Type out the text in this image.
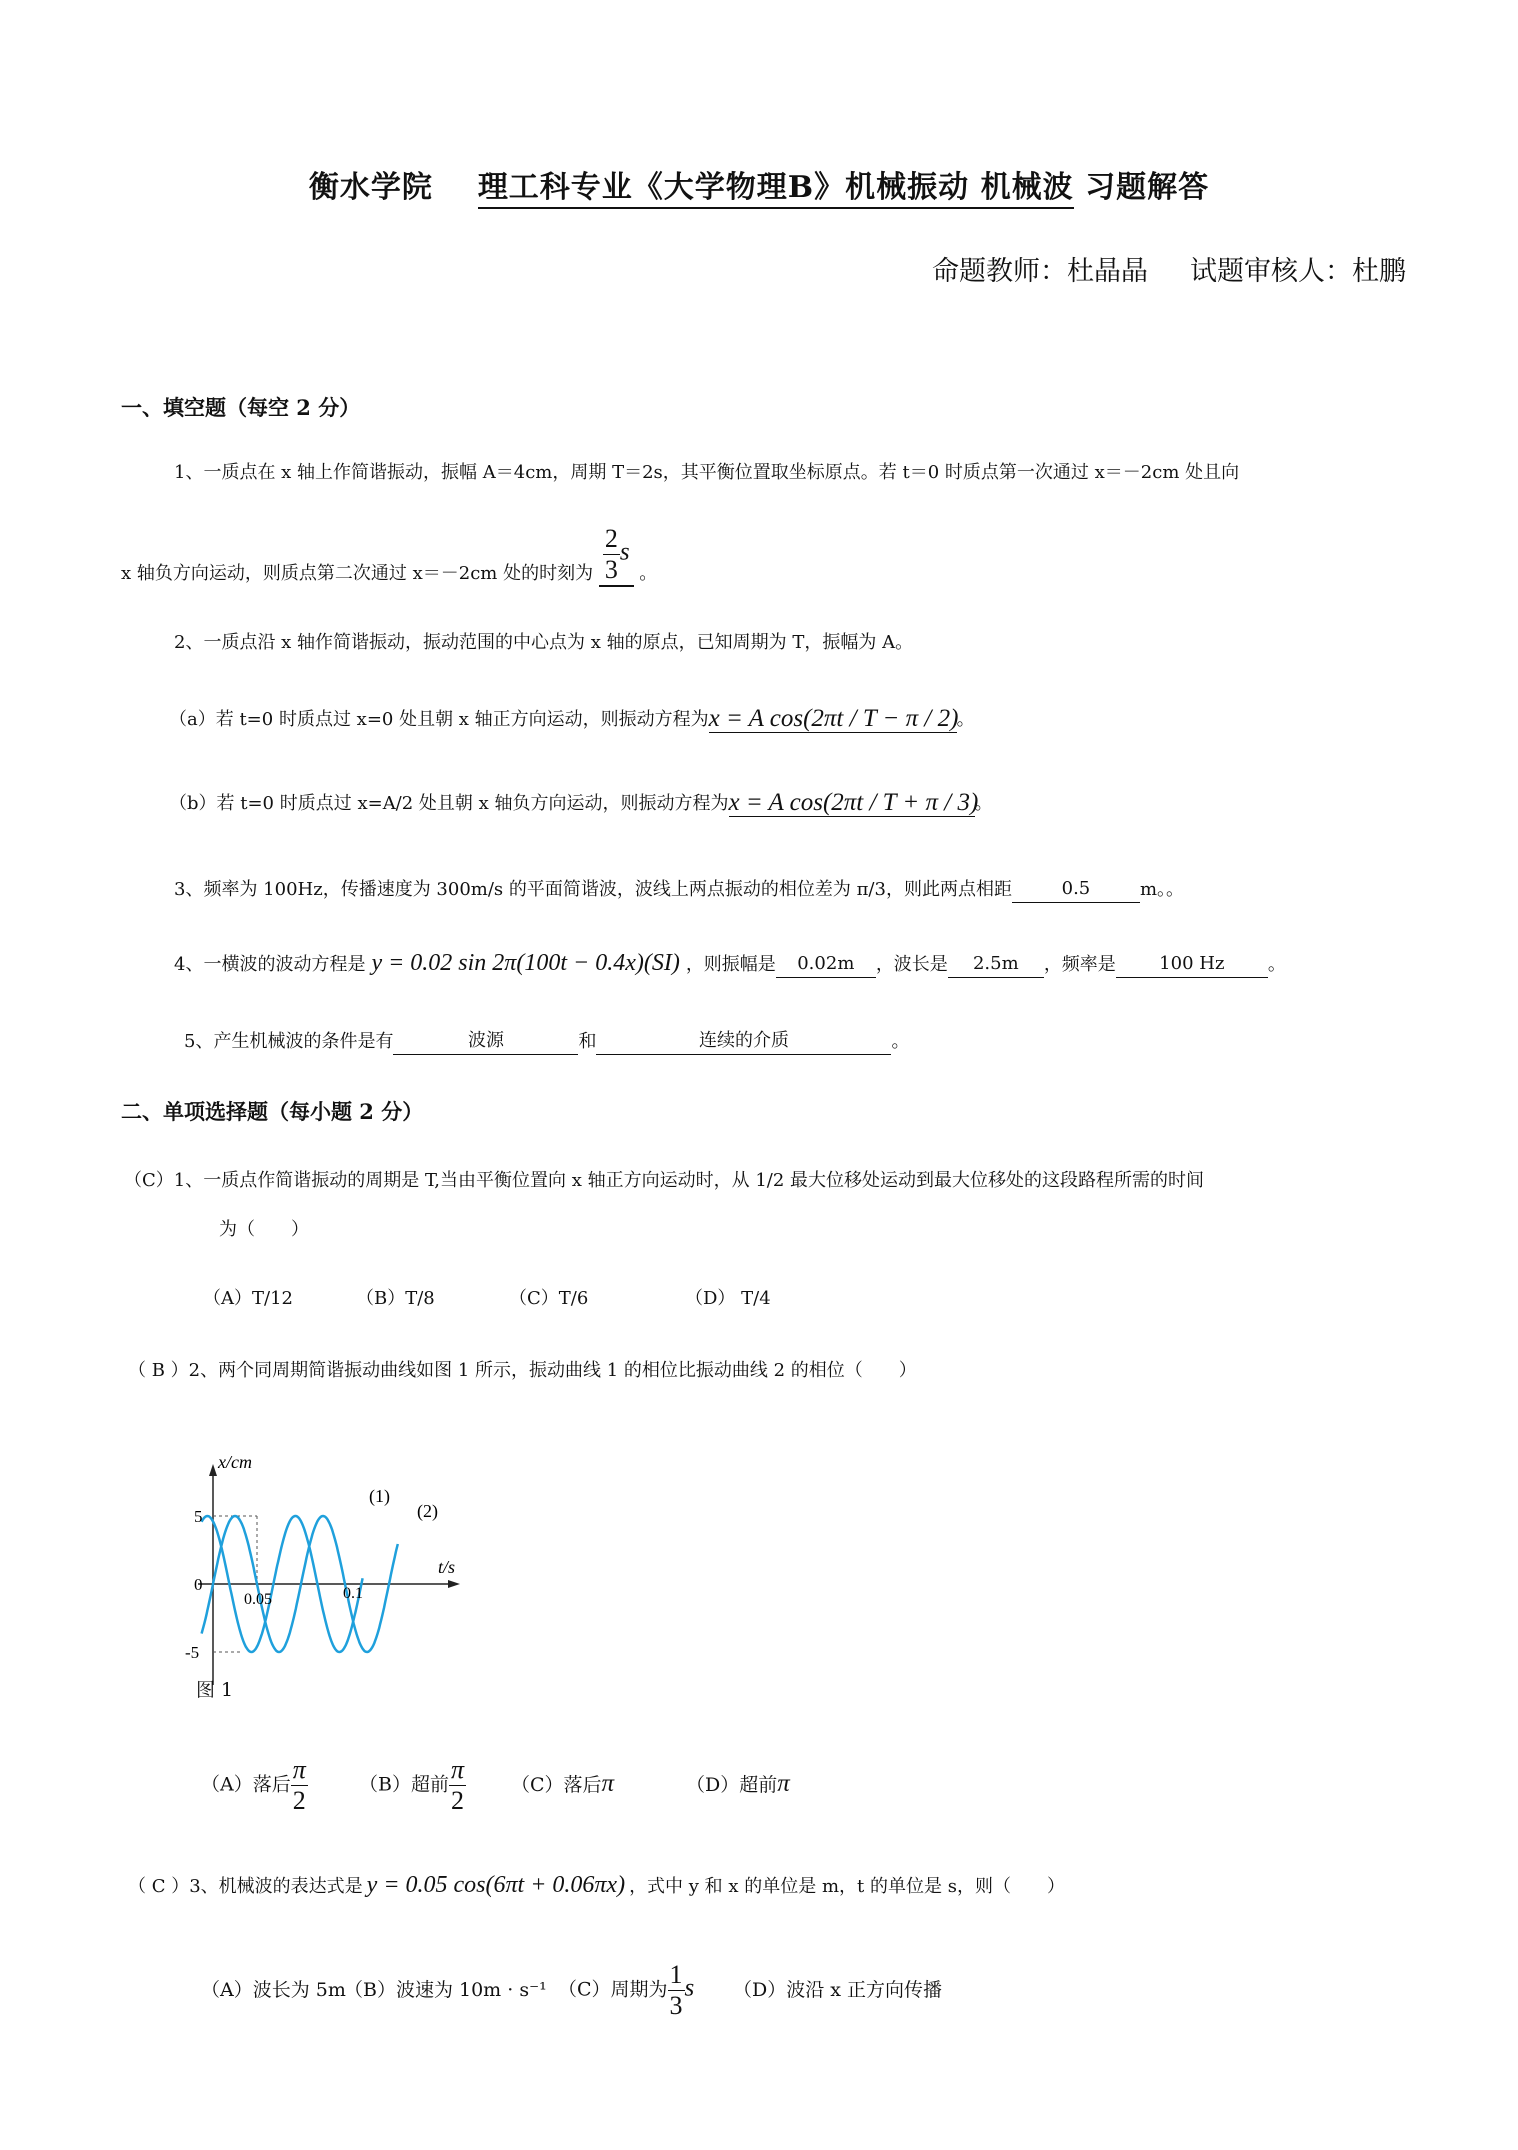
衡水学院 理工科专业《大学物理B》机械振动 机械波 习题解答
命题教师：杜晶晶 试题审核人：杜鹏
一、填空题（每空 2 分）
1、一质点在 x 轴上作简谐振动，振幅 A＝4cm，周期 T＝2s，其平衡位置取坐标原点。若 t＝0 时质点第一次通过 x＝－2cm 处且向
x 轴负方向运动，则质点第二次通过 x＝－2cm 处的时刻为 $\frac{2}{3}$ s 。
2、一质点沿 x 轴作简谐振动，振动范围的中心点为 x 轴的原点，已知周期为 T，振幅为 A。
（a）若 t=0 时质点过 x=0 处且朝 x 轴正方向运动，则振动方程为x = A cos(2πt / T − π / 2)。
（b）若 t=0 时质点过 x=A/2 处且朝 x 轴负方向运动，则振动方程为x = A cos(2πt / T + π / 3)。
3、频率为 100Hz，传播速度为 300m/s 的平面简谐波，波线上两点振动的相位差为 π/3，则此两点相距	0.5	m。。
4、一横波的波动方程是 y = 0.02 sin 2π(100t − 0.4x)(SI) ，则振幅是 0.02m ，波长是 2.5m ，频率是 100 Hz 。
5、产生机械波的条件是有	波源	和	连续的介质	。
二、单项选择题（每小题 2 分）
（C）1、一质点作简谐振动的周期是 T,当由平衡位置向 x 轴正方向运动时，从 1/2 最大位移处运动到最大位移处的这段路程所需的时间
为（　　）
（A）T/12	（B）T/8	（C）T/6	（D） T/4
（ B ）2、两个同周期简谐振动曲线如图 1 所示，振动曲线 1 的相位比振动曲线 2 的相位（　　）
x/cm
t/s
5
0
-5
0.05	0.1
(1)
(2)
图 1
（A）落后 $\frac{\pi}{2}$	（B）超前 $\frac{\pi}{2} (C)$落后π	（D）超前π
（ C ）3、机械波的表达式是 y = 0.05 cos(6πt + 0.06πx) ，式中 y 和 x 的单位是 m，t 的单位是 s，则（　　）
（A）波长为 5m（B）波速为 10m · s⁻¹ （C）周期为 $\frac{1}{3}$ s （D）波沿 x 正方向传播
